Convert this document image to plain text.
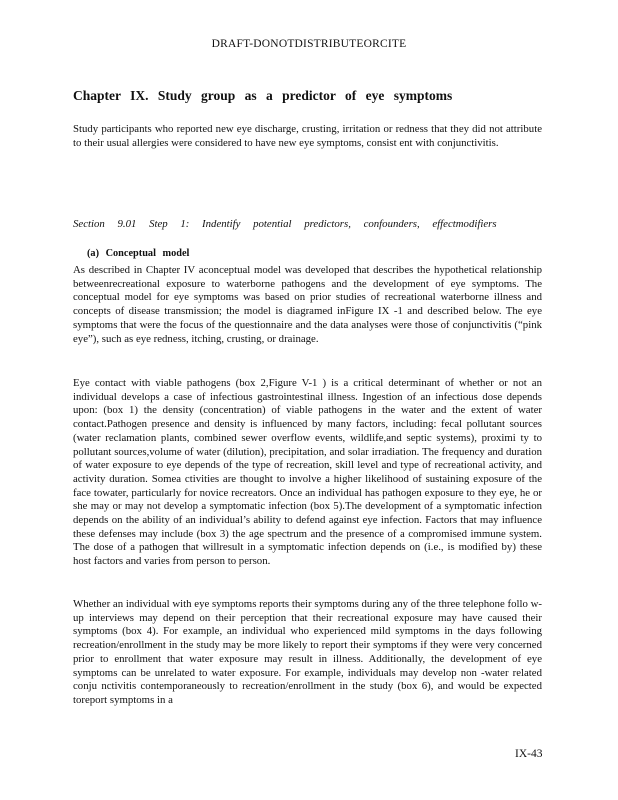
DRAFT-DONOTDISTRIBUTEORCITE
Chapter IX. Study group as a predictor of eye symptoms

Study participants who reported new eye discharge, crusting, irritation or redness that they did not attribute to their usual allergies were considered to have new eye symptoms, consist ent with conjunctivitis.

Section 9.01 Step 1: Indentify potential predictors, confounders, effectmodifiers
(a) Conceptual model

As described in Chapter IV aconceptual model was developed that describes the hypothetical relationship betweenrecreational exposure to waterborne pathogens and the development of eye symptoms. The conceptual model for eye symptoms was based on prior studies of recreational waterborne illness and concepts of disease transmission; the model is diagramed inFigure IX -1 and described below. The eye symptoms that were the focus of the questionnaire and the data analyses were those of conjunctivitis (“pink eye”), such as eye redness, itching, crusting, or drainage.

Eye contact with viable pathogens (box 2,Figure V-1 ) is a critical determinant of whether or not an individual develops a case of infectious gastrointestinal illness. Ingestion of an infectious dose depends upon: (box 1) the density (concentration) of viable pathogens in the water and the extent of water contact.Pathogen presence and density is influenced by many factors, including: fecal pollutant sources (water reclamation plants, combined sewer overflow events, wildlife,and septic systems), proximi ty to pollutant sources,volume of water (dilution), precipitation, and solar irradiation. The frequency and duration of water exposure to eye depends of the type of recreation, skill level and type of recreational activity, and activity duration. Somea ctivities are thought to involve a higher likelihood of sustaining exposure of the face towater, particularly for novice recreators. Once an individual has pathogen exposure to they eye, he or she may or may not develop a symptomatic infection (box 5).The development of a symptomatic infection depends on the ability of an individual’s ability to defend against eye infection. Factors that may influence these defenses may include (box 3) the age spectrum and the presence of a compromised immune system. The dose of a pathogen that willresult in a symptomatic infection depends on (i.e., is modified by) these host factors and varies from person to person.

Whether an individual with eye symptoms reports their symptoms during any of the three telephone follo w- up interviews may depend on their perception that their recreational exposure may have caused their symptoms (box 4). For example, an individual who experienced mild symptoms in the days following recreation/enrollment in the study may be more likely to report their symptoms if they were very concerned prior to enrollment that water exposure may result in illness. Additionally, the development of eye symptoms can be unrelated to water exposure. For example, individuals may develop non -water related conju nctivitis contemporaneously to recreation/enrollment in the study (box 6), and would be expected toreport symptoms in a

IX-43
